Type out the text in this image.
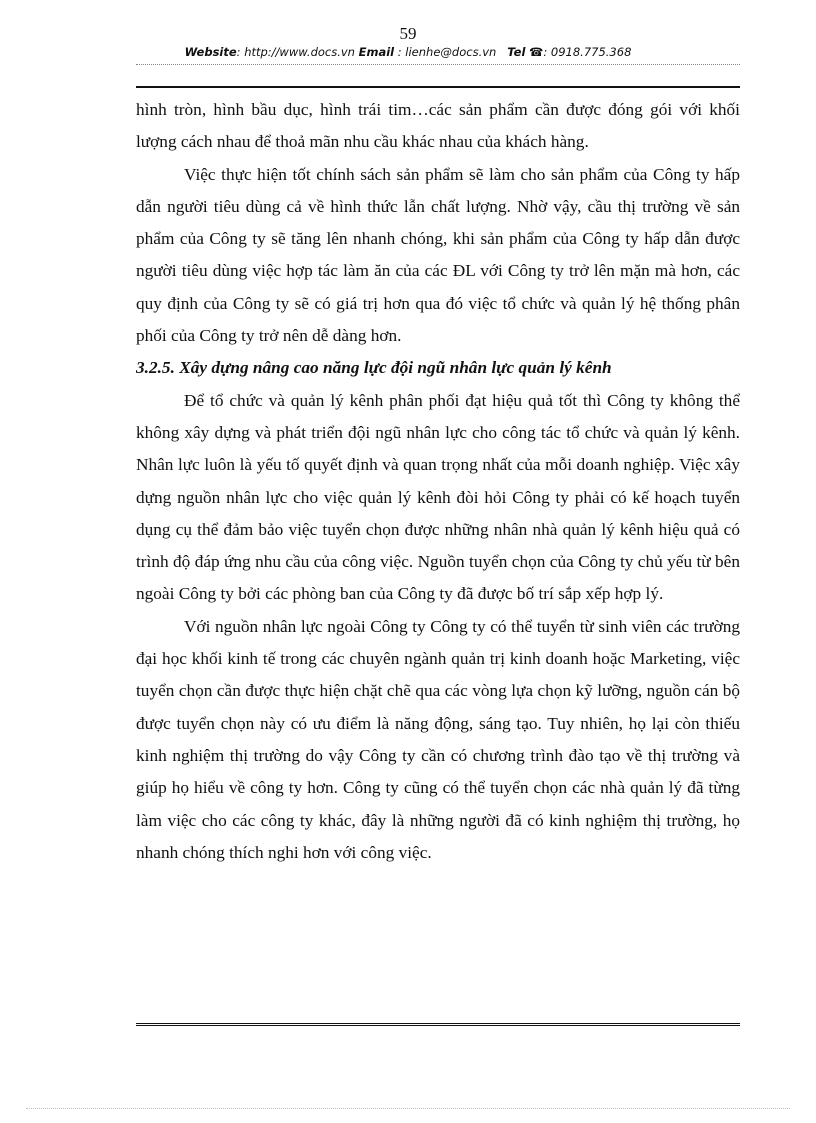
59
Website: http://www.docs.vn Email : lienhe@docs.vn Tel ☎: 0918.775.368

hình tròn, hình bầu dục, hình trái tim…các sản phẩm cần được đóng gói với khối lượng cách nhau để thoả mãn nhu cầu khác nhau của khách hàng.

Việc thực hiện tốt chính sách sản phẩm sẽ làm cho sản phẩm của Công ty hấp dẫn người tiêu dùng cả về hình thức lẫn chất lượng. Nhờ vậy, cầu thị trường về sản phẩm của Công ty sẽ tăng lên nhanh chóng, khi sản phẩm của Công ty hấp dẫn được người tiêu dùng việc hợp tác làm ăn của các ĐL với Công ty trở lên mặn mà hơn, các quy định của Công ty sẽ có giá trị hơn qua đó việc tổ chức và quản lý hệ thống phân phối của Công ty trở nên dễ dàng hơn.

3.2.5. Xây dựng nâng cao năng lực đội ngũ nhân lực quản lý kênh

Để tổ chức và quản lý kênh phân phối đạt hiệu quả tốt thì Công ty không thể không xây dựng và phát triển đội ngũ nhân lực cho công tác tổ chức và quản lý kênh. Nhân lực luôn là yếu tố quyết định và quan trọng nhất của mỗi doanh nghiệp. Việc xây dựng nguồn nhân lực cho việc quản lý kênh đòi hỏi Công ty phải có kế hoạch tuyển dụng cụ thể đảm bảo việc tuyển chọn được những nhân nhà quản lý kênh hiệu quả có trình độ đáp ứng nhu cầu của công việc. Nguồn tuyển chọn của Công ty chủ yếu từ bên ngoài Công ty bởi các phòng ban của Công ty đã được bố trí sắp xếp hợp lý.

Với nguồn nhân lực ngoài Công ty Công ty có thể tuyển từ sinh viên các trường đại học khối kinh tế trong các chuyên ngành quản trị kinh doanh hoặc Marketing, việc tuyển chọn cần được thực hiện chặt chẽ qua các vòng lựa chọn kỹ lưỡng, nguồn cán bộ được tuyển chọn này có ưu điểm là năng động, sáng tạo. Tuy nhiên, họ lại còn thiếu kinh nghiệm thị trường do vậy Công ty cần có chương trình đào tạo về thị trường và giúp họ hiểu về công ty hơn. Công ty cũng có thể tuyển chọn các nhà quản lý đã từng làm việc cho các công ty khác, đây là những người đã có kinh nghiệm thị trường, họ nhanh chóng thích nghi hơn với công việc.
